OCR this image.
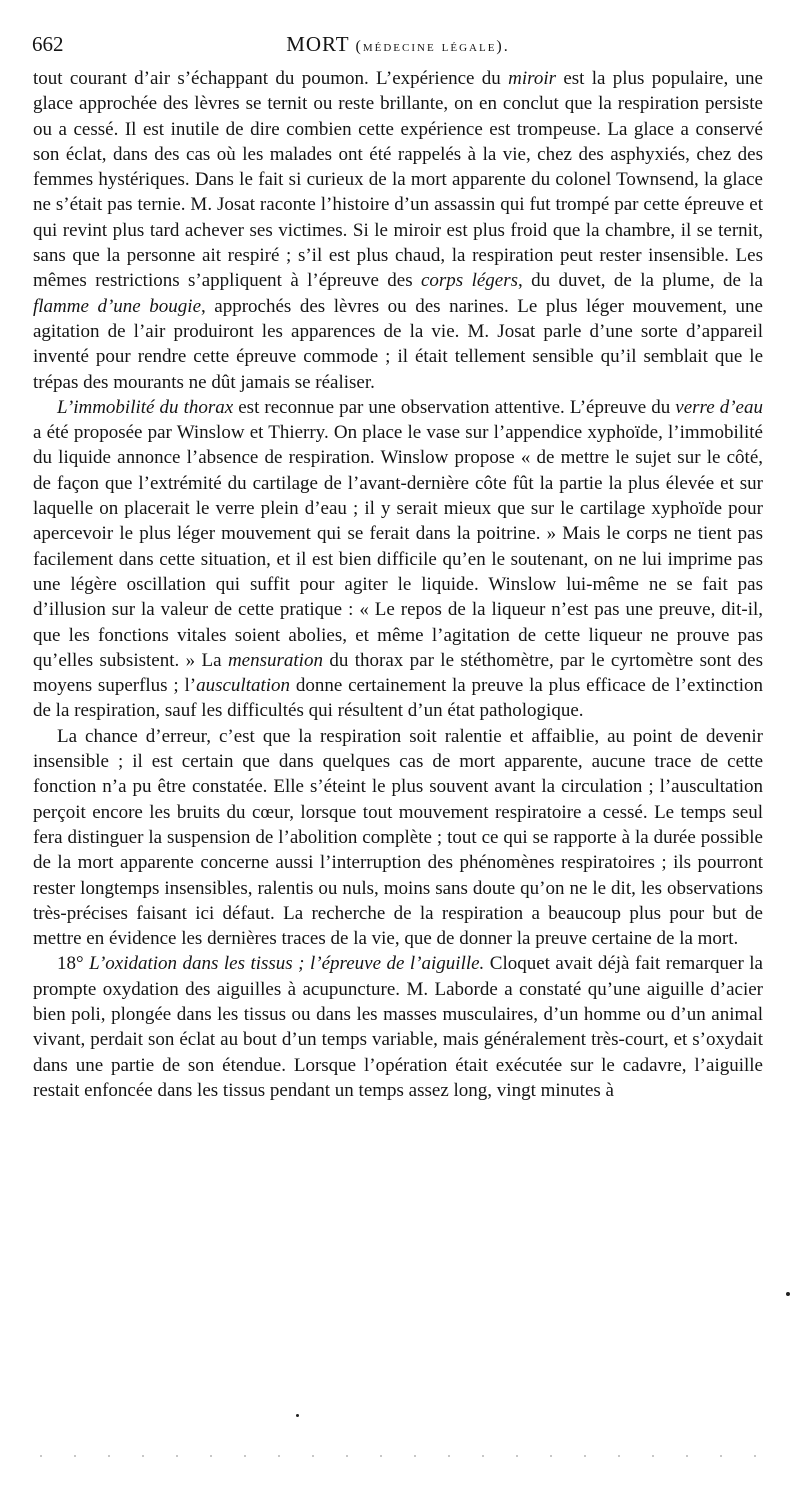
662	MORT (médecine légale).

tout courant d’air s’échappant du poumon. L’expérience du miroir est la plus populaire, une glace approchée des lèvres se ternit ou reste brillante, on en conclut que la respiration persiste ou a cessé. Il est inutile de dire combien cette expérience est trompeuse. La glace a conservé son éclat, dans des cas où les malades ont été rappelés à la vie, chez des asphyxiés, chez des femmes hystériques. Dans le fait si curieux de la mort apparente du colonel Townsend, la glace ne s’était pas ternie. M. Josat raconte l’histoire d’un assassin qui fut trompé par cette épreuve et qui revint plus tard achever ses victimes. Si le miroir est plus froid que la chambre, il se ternit, sans que la personne ait respiré ; s’il est plus chaud, la respiration peut rester insensible. Les mêmes restrictions s’appliquent à l’épreuve des corps légers, du duvet, de la plume, de la flamme d’une bougie, approchés des lèvres ou des narines. Le plus léger mouvement, une agitation de l’air produiront les apparences de la vie. M. Josat parle d’une sorte d’appareil inventé pour rendre cette épreuve commode ; il était tellement sensible qu’il semblait que le trépas des mourants ne dût jamais se réaliser.

L’immobilité du thorax est reconnue par une observation attentive. L’épreuve du verre d’eau a été proposée par Winslow et Thierry. On place le vase sur l’appendice xyphoïde, l’immobilité du liquide annonce l’absence de respiration. Winslow propose « de mettre le sujet sur le côté, de façon que l’extrémité du cartilage de l’avant-dernière côte fût la partie la plus élevée et sur laquelle on placerait le verre plein d’eau ; il y serait mieux que sur le cartilage xyphoïde pour apercevoir le plus léger mouvement qui se ferait dans la poitrine. » Mais le corps ne tient pas facilement dans cette situation, et il est bien difficile qu’en le soutenant, on ne lui imprime pas une légère oscillation qui suffit pour agiter le liquide. Winslow lui-même ne se fait pas d’illusion sur la valeur de cette pratique : « Le repos de la liqueur n’est pas une preuve, dit-il, que les fonctions vitales soient abolies, et même l’agitation de cette liqueur ne prouve pas qu’elles subsistent. » La mensuration du thorax par le stéthomètre, par le cyrtomètre sont des moyens superflus ; l’auscultation donne certainement la preuve la plus efficace de l’extinction de la respiration, sauf les difficultés qui résultent d’un état pathologique.

La chance d’erreur, c’est que la respiration soit ralentie et affaiblie, au point de devenir insensible ; il est certain que dans quelques cas de mort apparente, aucune trace de cette fonction n’a pu être constatée. Elle s’éteint le plus souvent avant la circulation ; l’auscultation perçoit encore les bruits du cœur, lorsque tout mouvement respiratoire a cessé. Le temps seul fera distinguer la suspension de l’abolition complète ; tout ce qui se rapporte à la durée possible de la mort apparente concerne aussi l’interruption des phénomènes respiratoires ; ils pourront rester longtemps insensibles, ralentis ou nuls, moins sans doute qu’on ne le dit, les observations très-précises faisant ici défaut. La recherche de la respiration a beaucoup plus pour but de mettre en évidence les dernières traces de la vie, que de donner la preuve certaine de la mort.

18° L’oxidation dans les tissus ; l’épreuve de l’aiguille. Cloquet avait déjà fait remarquer la prompte oxydation des aiguilles à acupuncture. M. Laborde a constaté qu’une aiguille d’acier bien poli, plongée dans les tissus ou dans les masses musculaires, d’un homme ou d’un animal vivant, perdait son éclat au bout d’un temps variable, mais généralement très-court, et s’oxydait dans une partie de son étendue. Lorsque l’opération était exécutée sur le cadavre, l’aiguille restait enfoncée dans les tissus pendant un temps assez long, vingt minutes à
